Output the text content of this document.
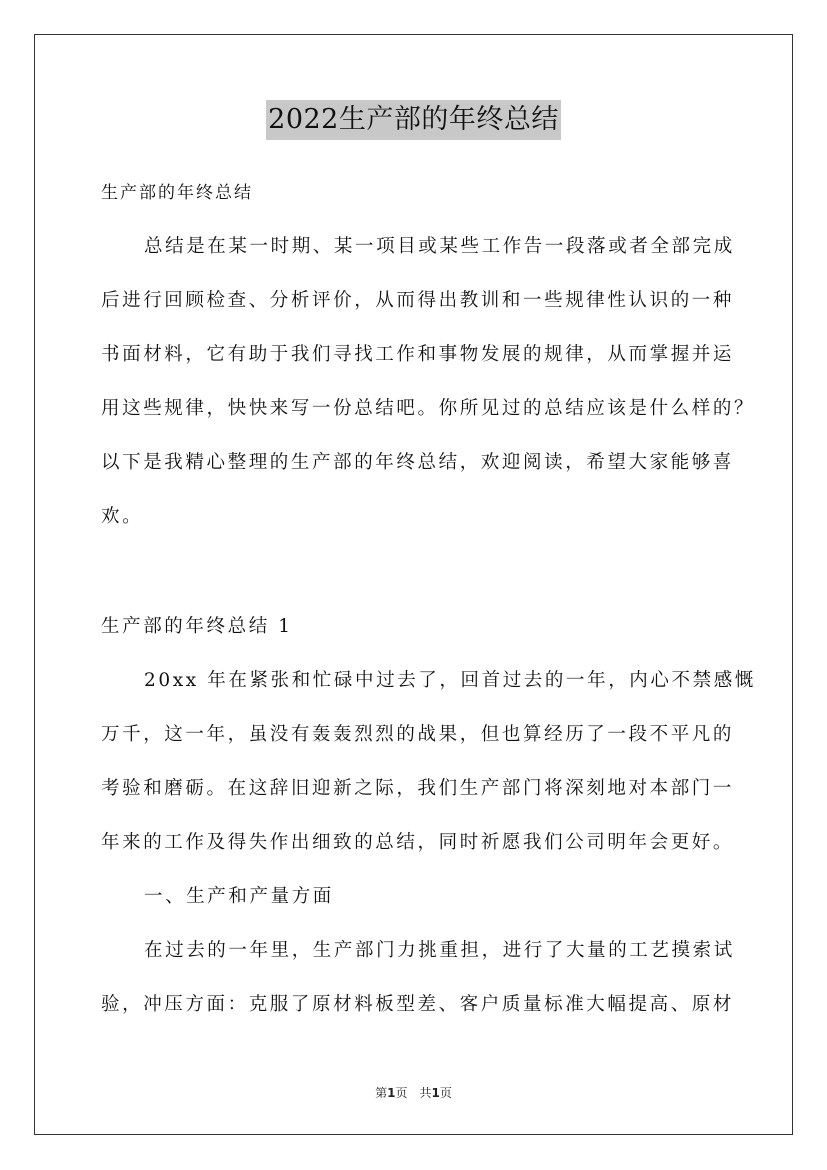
2022生产部的年终总结
生产部的年终总结
总结是在某一时期、某一项目或某些工作告一段落或者全部完成
后进行回顾检查、分析评价，从而得出教训和一些规律性认识的一种
书面材料，它有助于我们寻找工作和事物发展的规律，从而掌握并运
用这些规律，快快来写一份总结吧。你所见过的总结应该是什么样的？
以下是我精心整理的生产部的年终总结，欢迎阅读，希望大家能够喜
欢。
生产部的年终总结 1
20xx 年在紧张和忙碌中过去了，回首过去的一年，内心不禁感慨
万千，这一年，虽没有轰轰烈烈的战果，但也算经历了一段不平凡的
考验和磨砺。在这辞旧迎新之际，我们生产部门将深刻地对本部门一
年来的工作及得失作出细致的总结，同时祈愿我们公司明年会更好。
一、生产和产量方面
在过去的一年里，生产部门力挑重担，进行了大量的工艺摸索试
验，冲压方面：克服了原材料板型差、客户质量标准大幅提高、原材
第1页　共1页
